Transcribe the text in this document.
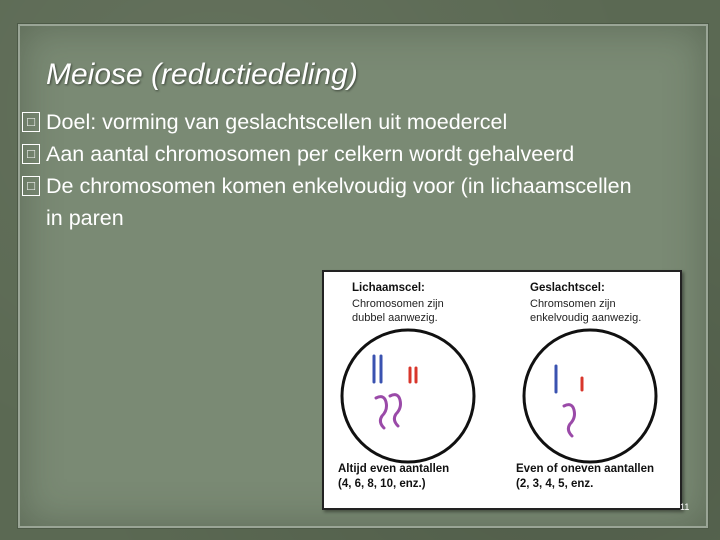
Meiose (reductiedeling)
□ Doel: vorming van geslachtscellen uit moedercel
□ Aan aantal chromosomen per celkern wordt gehalveerd
□ De chromosomen komen enkelvoudig voor (in lichaamscellen in paren
Lichaamscel:
Chromosomen zijn
dubbel aanwezig.
Altijd even aantallen
(4, 6, 8, 10, enz.)
Geslachtscel:
Chromsomen zijn
enkelvoudig aanwezig.
Even of oneven aantallen
(2, 3, 4, 5, enz.
11
